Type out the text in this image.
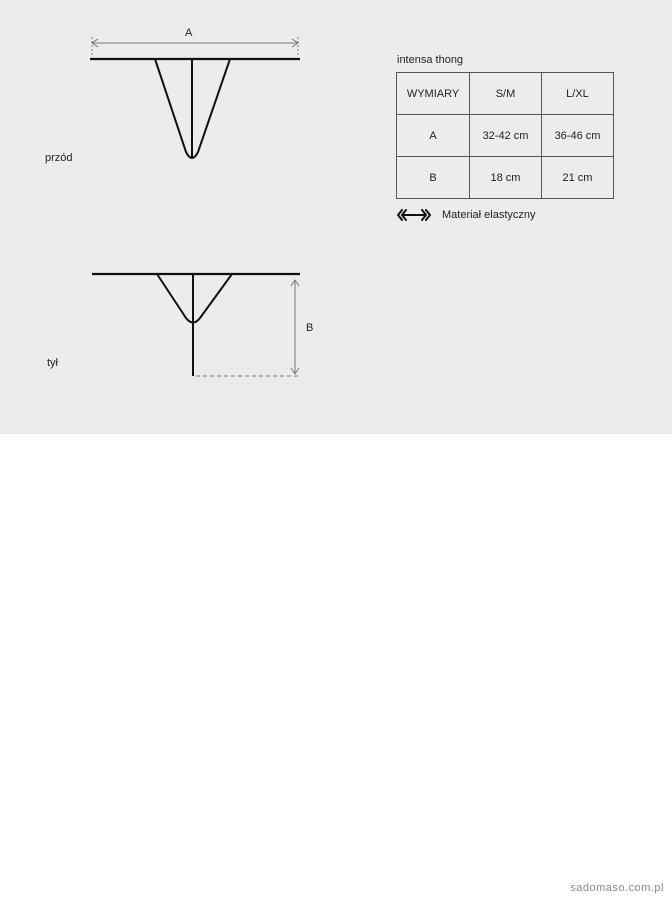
A
B
przód
tył
intensa thong
WYMIARY	S/M	L/XL
A	32-42 cm	36-46 cm
B	18 cm	21 cm
Materiał elastyczny
sadomaso.com.pl
